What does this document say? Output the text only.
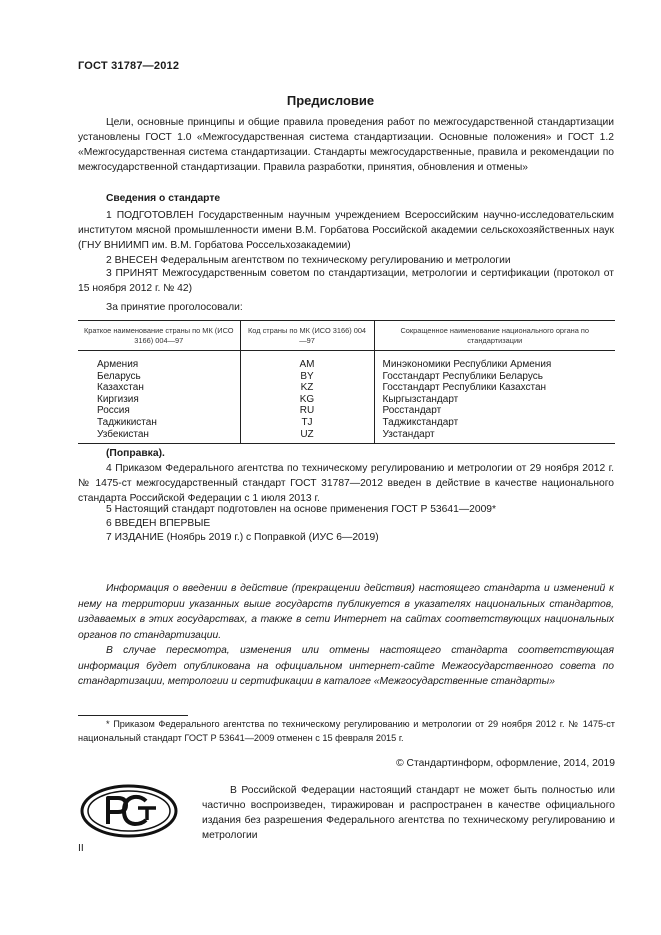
ГОСТ 31787—2012
Предисловие
Цели, основные принципы и общие правила проведения работ по межгосударственной стандартизации установлены ГОСТ 1.0 «Межгосударственная система стандартизации. Основные положения» и ГОСТ 1.2 «Межгосударственная система стандартизации. Стандарты межгосударственные, правила и рекомендации по межгосударственной стандартизации. Правила разработки, принятия, обновления и отмены»
Сведения о стандарте
1 ПОДГОТОВЛЕН Государственным научным учреждением Всероссийским научно-исследовательским институтом мясной промышленности имени В.М. Горбатова Российской академии сельскохозяйственных наук (ГНУ ВНИИМП им. В.М. Горбатова Россельхозакадемии)
2 ВНЕСЕН Федеральным агентством по техническому регулированию и метрологии
3 ПРИНЯТ Межгосударственным советом по стандартизации, метрологии и сертификации (протокол от 15 ноября 2012 г. № 42)
За принятие проголосовали:
Краткое наименование страны по МК (ИСО 3166) 004—97	Код страны по МК (ИСО 3166) 004—97	Сокращенное наименование национального органа по стандартизации
Армения	AM	Минэкономики Республики Армения
Беларусь	BY	Госстандарт Республики Беларусь
Казахстан	KZ	Госстандарт Республики Казахстан
Киргизия	KG	Кыргызстандарт
Россия	RU	Росстандарт
Таджикистан	TJ	Таджикстандарт
Узбекистан	UZ	Узстандарт
(Поправка).
4 Приказом Федерального агентства по техническому регулированию и метрологии от 29 ноября 2012 г. № 1475-ст межгосударственный стандарт ГОСТ 31787—2012 введен в действие в качестве национального стандарта Российской Федерации с 1 июля 2013 г.
5 Настоящий стандарт подготовлен на основе применения ГОСТ Р 53641—2009*
6 ВВЕДЕН ВПЕРВЫЕ
7 ИЗДАНИЕ (Ноябрь 2019 г.) с Поправкой (ИУС 6—2019)

Информация о введении в действие (прекращении действия) настоящего стандарта и изменений к нему на территории указанных выше государств публикуется в указателях национальных стандартов, издаваемых в этих государствах, а также в сети Интернет на сайтах соответствующих национальных органов по стандартизации.

В случае пересмотра, изменения или отмены настоящего стандарта соответствующая информация будет опубликована на официальном интернет-сайте Межгосударственного совета по стандартизации, метрологии и сертификации в каталоге «Межгосударственные стандарты»

* Приказом Федерального агентства по техническому регулированию и метрологии от 29 ноября 2012 г. № 1475-ст национальный стандарт ГОСТ Р 53641—2009 отменен с 15 февраля 2015 г.
© Стандартинформ, оформление, 2014, 2019
В Российской Федерации настоящий стандарт не может быть полностью или частично воспроизведен, тиражирован и распространен в качестве официального издания без разрешения Федерального агентства по техническому регулированию и метрологии
II
